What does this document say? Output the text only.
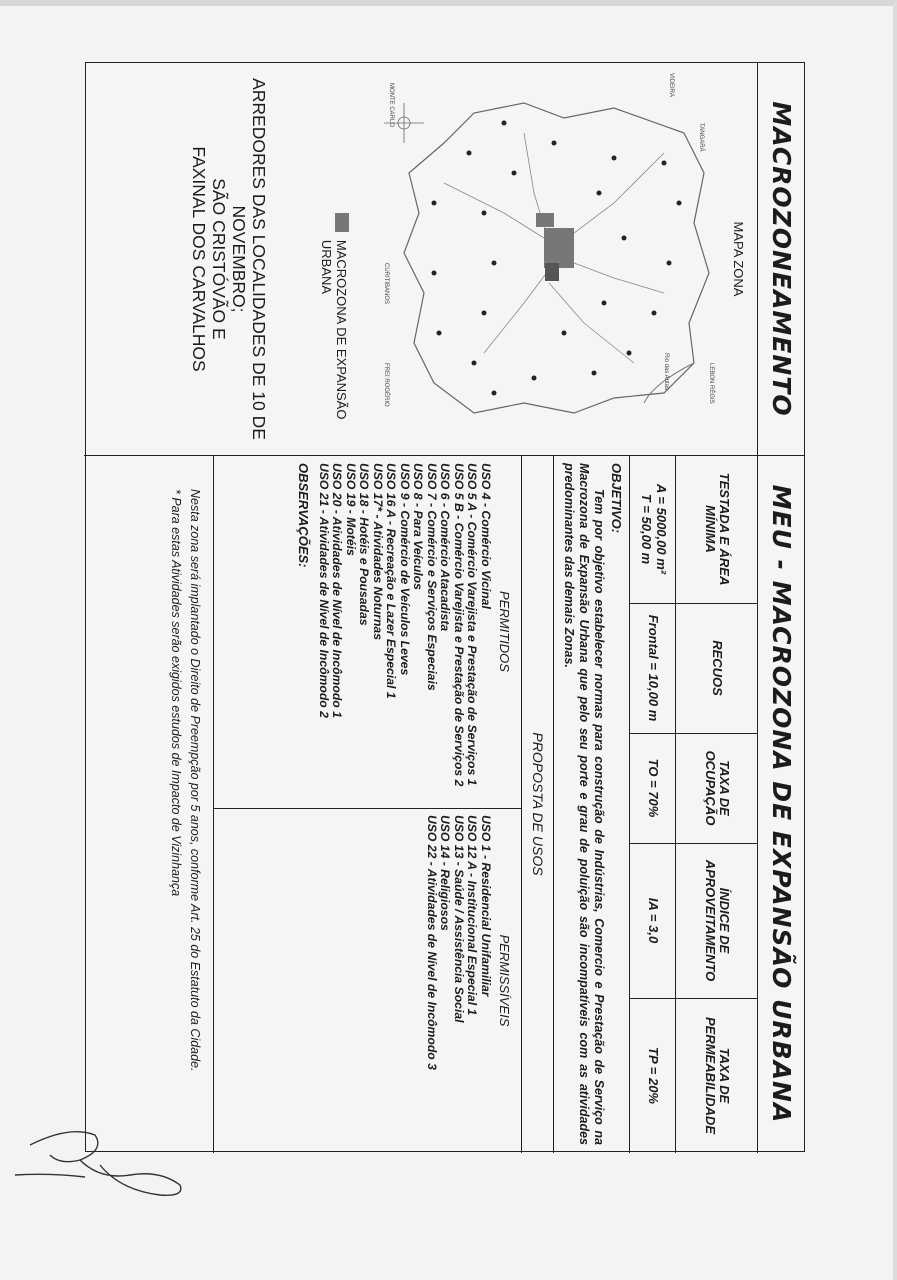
MACROZONEAMENTO
MEU - MACROZONA DE EXPANSÃO URBANA
MAPA ZONA
Rio das Antas
TANGARÁ
VIDEIRA
MONTE CARLO
FREI ROGÉRIO	LEBON RÉGIS
CURITIBANOS
MACROZONA DE EXPANSÃO URBANA
ARREDORES DAS LOCALIDADES DE 10 DE
NOVEMBRO;
SÃO CRISTÓVÃO E
FAXINAL DOS CARVALHOS
TESTADA E ÁREA MÍNIMA
RECUOS
TAXA DE OCUPAÇÃO
ÍNDICE DE APROVEITAMENTO
TAXA DE PERMEABILIDADE
A = 5000,00 m²
T = 50,00 m
Frontal = 10,00 m
TO = 70%
IA = 3,0
TP = 20%
OBJETIVO:
Tem por objetivo estabelecer normas para construção de Indústrias, Comercio e Prestação de Serviço na Macrozona de Expansão Urbana que pelo seu porte e grau de poluição são incompatíveis com as atividades predominantes das demais Zonas.
PROPOSTA DE USOS
PERMITIDOS
PERMISSÍVEIS
USO 4 - Comércio Vicinal
USO 5 A - Comércio Varejista e Prestação de Serviços 1
USO 5 B - Comércio Varejista e Prestação de Serviços 2
USO 6 - Comércio Atacadista
USO 7 - Comércio e Serviços Especiais
USO 8 - Para Veículos
USO 9 - Comércio de Veículos Leves
USO 16 A - Recreação e Lazer Especial 1
USO 17* - Atividades Noturnas
USO 18 - Hotéis e Pousadas
USO 19 - Motéis
USO 20 - Atividades de Nível de Incômodo 1
USO 21 - Atividades de Nível de Incômodo 2
USO 1 - Residencial Unifamiliar
USO 12 A - Institucional Especial 1
USO 13 - Saúde / Assistência Social
USO 14 - Religiosos
USO 22 - Atividades de Nível de Incômodo 3
OBSERVAÇÕES:
Nesta zona será implantado o Direito de Preempção por 5 anos, conforme Art. 25 do Estatuto da Cidade.
* Para estas Atividades serão exigidos estudos de Impacto de Vizinhança
